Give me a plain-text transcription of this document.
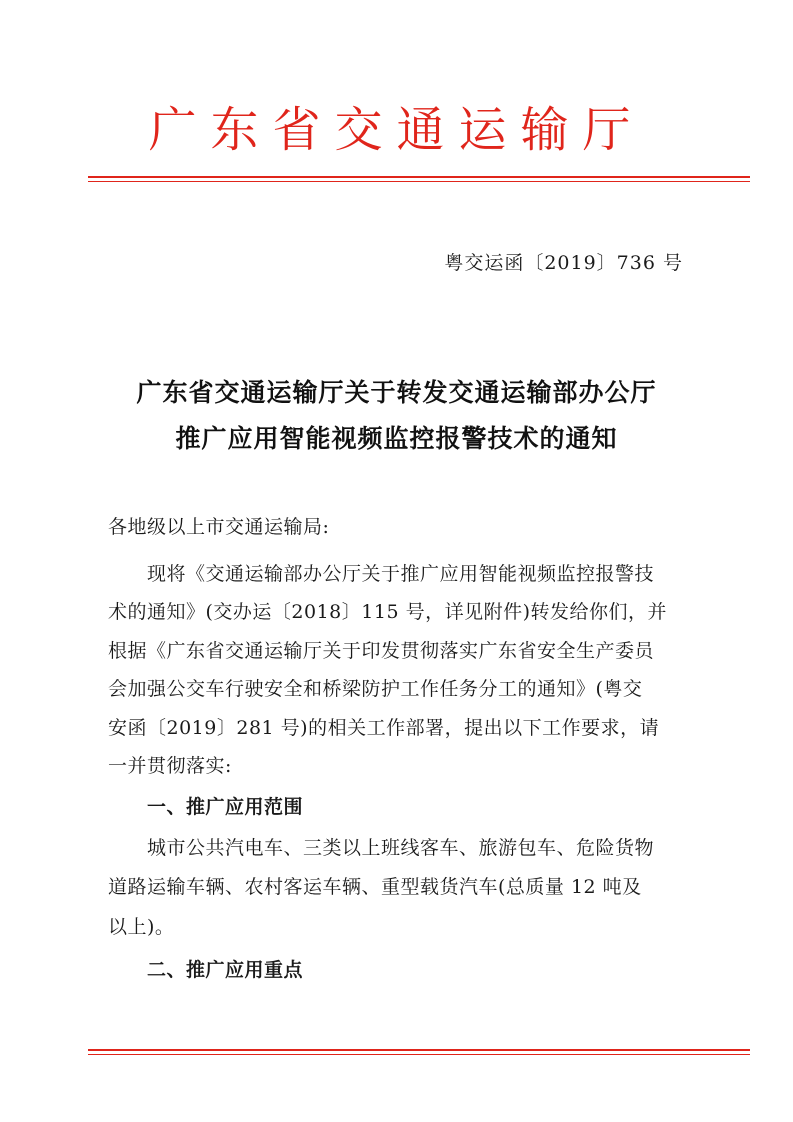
广东省交通运输厅
粤交运函〔2019〕736 号
广东省交通运输厅关于转发交通运输部办公厅
推广应用智能视频监控报警技术的通知
各地级以上市交通运输局:
　　现将《交通运输部办公厅关于推广应用智能视频监控报警技
术的通知》(交办运〔2018〕115 号，详见附件)转发给你们，并
根据《广东省交通运输厅关于印发贯彻落实广东省安全生产委员
会加强公交车行驶安全和桥梁防护工作任务分工的通知》(粤交
安函〔2019〕281 号)的相关工作部署，提出以下工作要求，请
一并贯彻落实:
　　一、推广应用范围
　　城市公共汽电车、三类以上班线客车、旅游包车、危险货物
道路运输车辆、农村客运车辆、重型载货汽车(总质量 12 吨及
以上)。
　　二、推广应用重点
